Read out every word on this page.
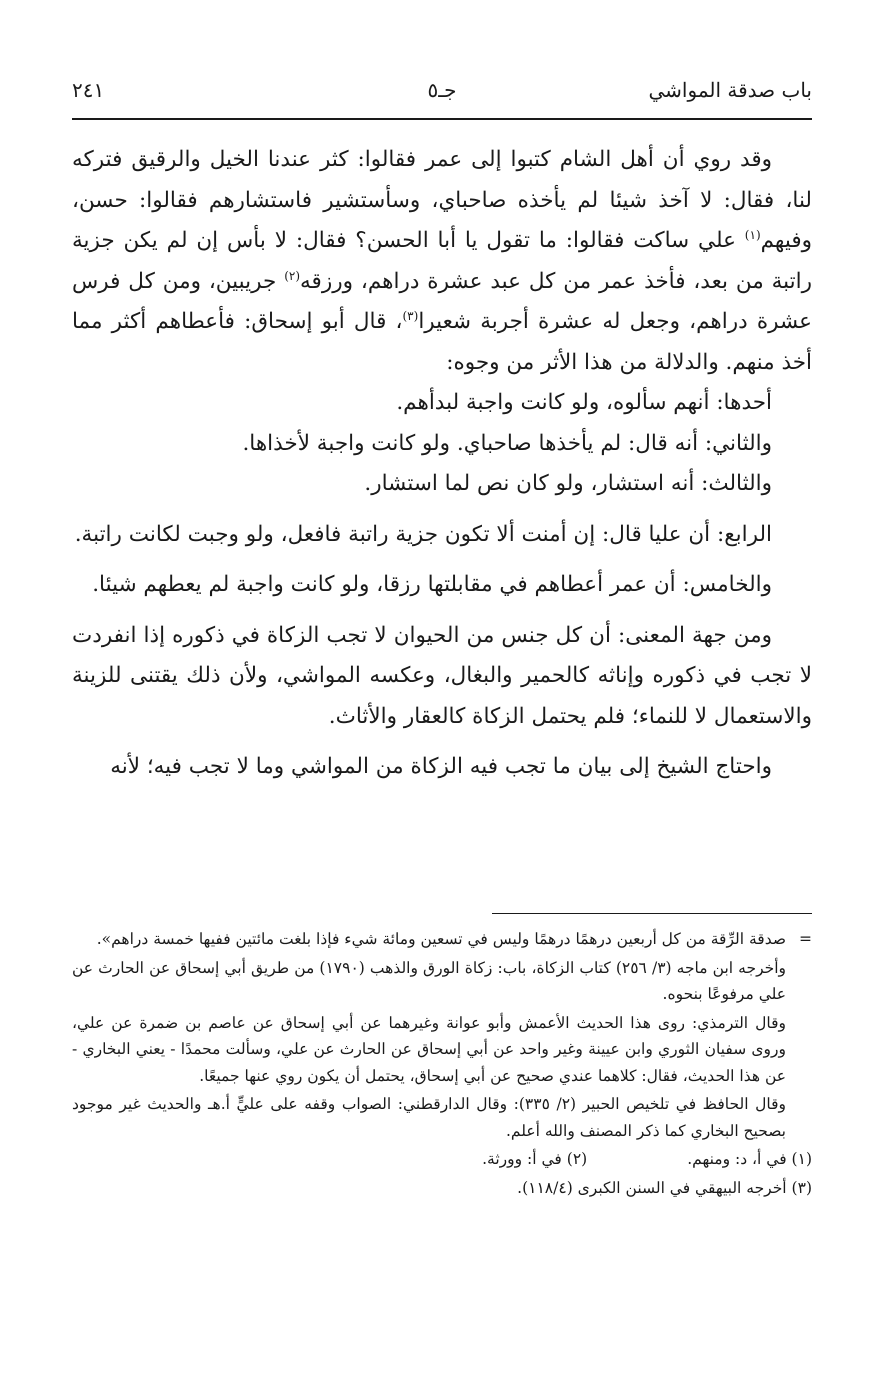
باب صدقة المواشي
جـ٥
٢٤١

وقد روي أن أهل الشام كتبوا إلى عمر فقالوا: كثر عندنا الخيل والرقيق فتركه لنا، فقال: لا آخذ شيئا لم يأخذه صاحباي، وسأستشير فاستشارهم فقالوا: حسن، وفيهم$^{(١)}$ علي ساكت فقالوا: ما تقول يا أبا الحسن؟ فقال: لا بأس إن لم يكن جزية راتبة من بعد، فأخذ عمر من كل عبد عشرة دراهم، ورزقه$^{(٢)}$ جريبين، ومن كل فرس عشرة دراهم، وجعل له عشرة أجربة شعيرا$^{(٣)}$، قال أبو إسحاق: فأعطاهم أكثر مما أخذ منهم. والدلالة من هذا الأثر من وجوه:

أحدها: أنهم سألوه، ولو كانت واجبة لبدأهم.

والثاني: أنه قال: لم يأخذها صاحباي. ولو كانت واجبة لأخذاها.

والثالث: أنه استشار، ولو كان نص لما استشار.

الرابع: أن عليا قال: إن أمنت ألا تكون جزية راتبة فافعل، ولو وجبت لكانت راتبة.

والخامس: أن عمر أعطاهم في مقابلتها رزقا، ولو كانت واجبة لم يعطهم شيئا.

ومن جهة المعنى: أن كل جنس من الحيوان لا تجب الزكاة في ذكوره إذا انفردت لا تجب في ذكوره وإناثه كالحمير والبغال، وعكسه المواشي، ولأن ذلك يقتنى للزينة والاستعمال لا للنماء؛ فلم يحتمل الزكاة كالعقار والأثاث.

واحتاج الشيخ إلى بيان ما تجب فيه الزكاة من المواشي وما لا تجب فيه؛ لأنه

=
صدقة الرِّقة من كل أربعين درهمًا درهمًا وليس في تسعين ومائة شيء فإذا بلغت مائتين ففيها خمسة دراهم».

وأخرجه ابن ماجه (٣/ ٢٥٦) كتاب الزكاة، باب: زكاة الورق والذهب (١٧٩٠) من طريق أبي إسحاق عن الحارث عن علي مرفوعًا بنحوه.

وقال الترمذي: روى هذا الحديث الأعمش وأبو عوانة وغيرهما عن أبي إسحاق عن عاصم بن ضمرة عن علي، وروى سفيان الثوري وابن عيينة وغير واحد عن أبي إسحاق عن الحارث عن علي، وسألت محمدًا - يعني البخاري - عن هذا الحديث، فقال: كلاهما عندي صحيح عن أبي إسحاق، يحتمل أن يكون روي عنها جميعًا.

وقال الحافظ في تلخيص الحبير (٢/ ٣٣٥): وقال الدارقطني: الصواب وقفه على عليٍّ أ.هـ والحديث غير موجود بصحيح البخاري كما ذكر المصنف والله أعلم.

(١) في أ، د: ومنهم.(٢) في أ: وورثة.

(٣) أخرجه البيهقي في السنن الكبرى (١١٨/٤).
